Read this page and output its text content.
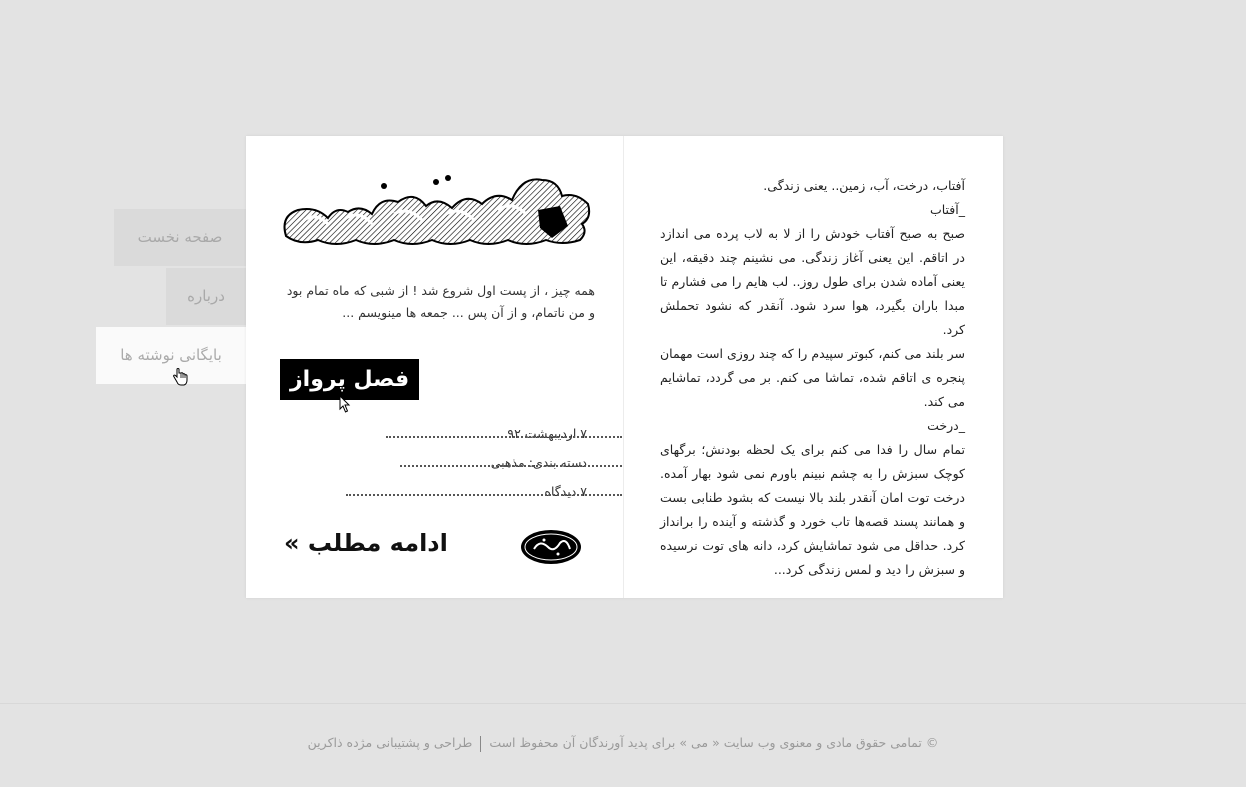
صفحه نخست
درباره
بایگانی نوشته ها
همه چیز ، از پست اول شروع شد ! از شبی که ماه تمام بود و من ناتمام، و از آن پس ... جمعه ها مینویسم ...
فصل پرواز
۷ اردیبهشت ۹۲
دسته بندی: مذهبی
۷ دیدگاه
ادامه مطلب »

آفتاب، درخت، آب، زمین.. یعنی زندگی.

_آفتاب

صبح به صبح آفتاب خودش را از لا به لاب پرده می اندازد در اتاقم. این یعنی آغاز زندگی. می نشینم چند دقیقه، این یعنی آماده شدن برای طول روز.. لب هایم را می فشارم تا مبدا باران بگیرد، هوا سرد شود. آنقدر که نشود تحملش کرد.

سر بلند می کنم، کبوتر سپیدم را که چند روزی است مهمان پنجره ی اتاقم شده، تماشا می کنم. بر می گردد، تماشایم می کند.

_درخت

تمام سال را فدا می کنم برای یک لحظه بودنش؛ برگهای کوچک سبزش را به چشم نبینم باورم نمی شود بهار آمده. درخت توت امان آنقدر بلند بالا نیست که بشود طنابی بست و همانند پسند قصه‌‌ها تاب خورد و گذشته و آینده را برانداز کرد. حداقل می شود تماشایش کرد، دانه های توت نرسیده و سبزش را دید و لمس زندگی کرد...

© تمامی حقوق مادی و معنوی وب سایت « می » برای پدید آورندگان آن محفوظ استطراحی و پشتیبانی مژده ذاکرین
